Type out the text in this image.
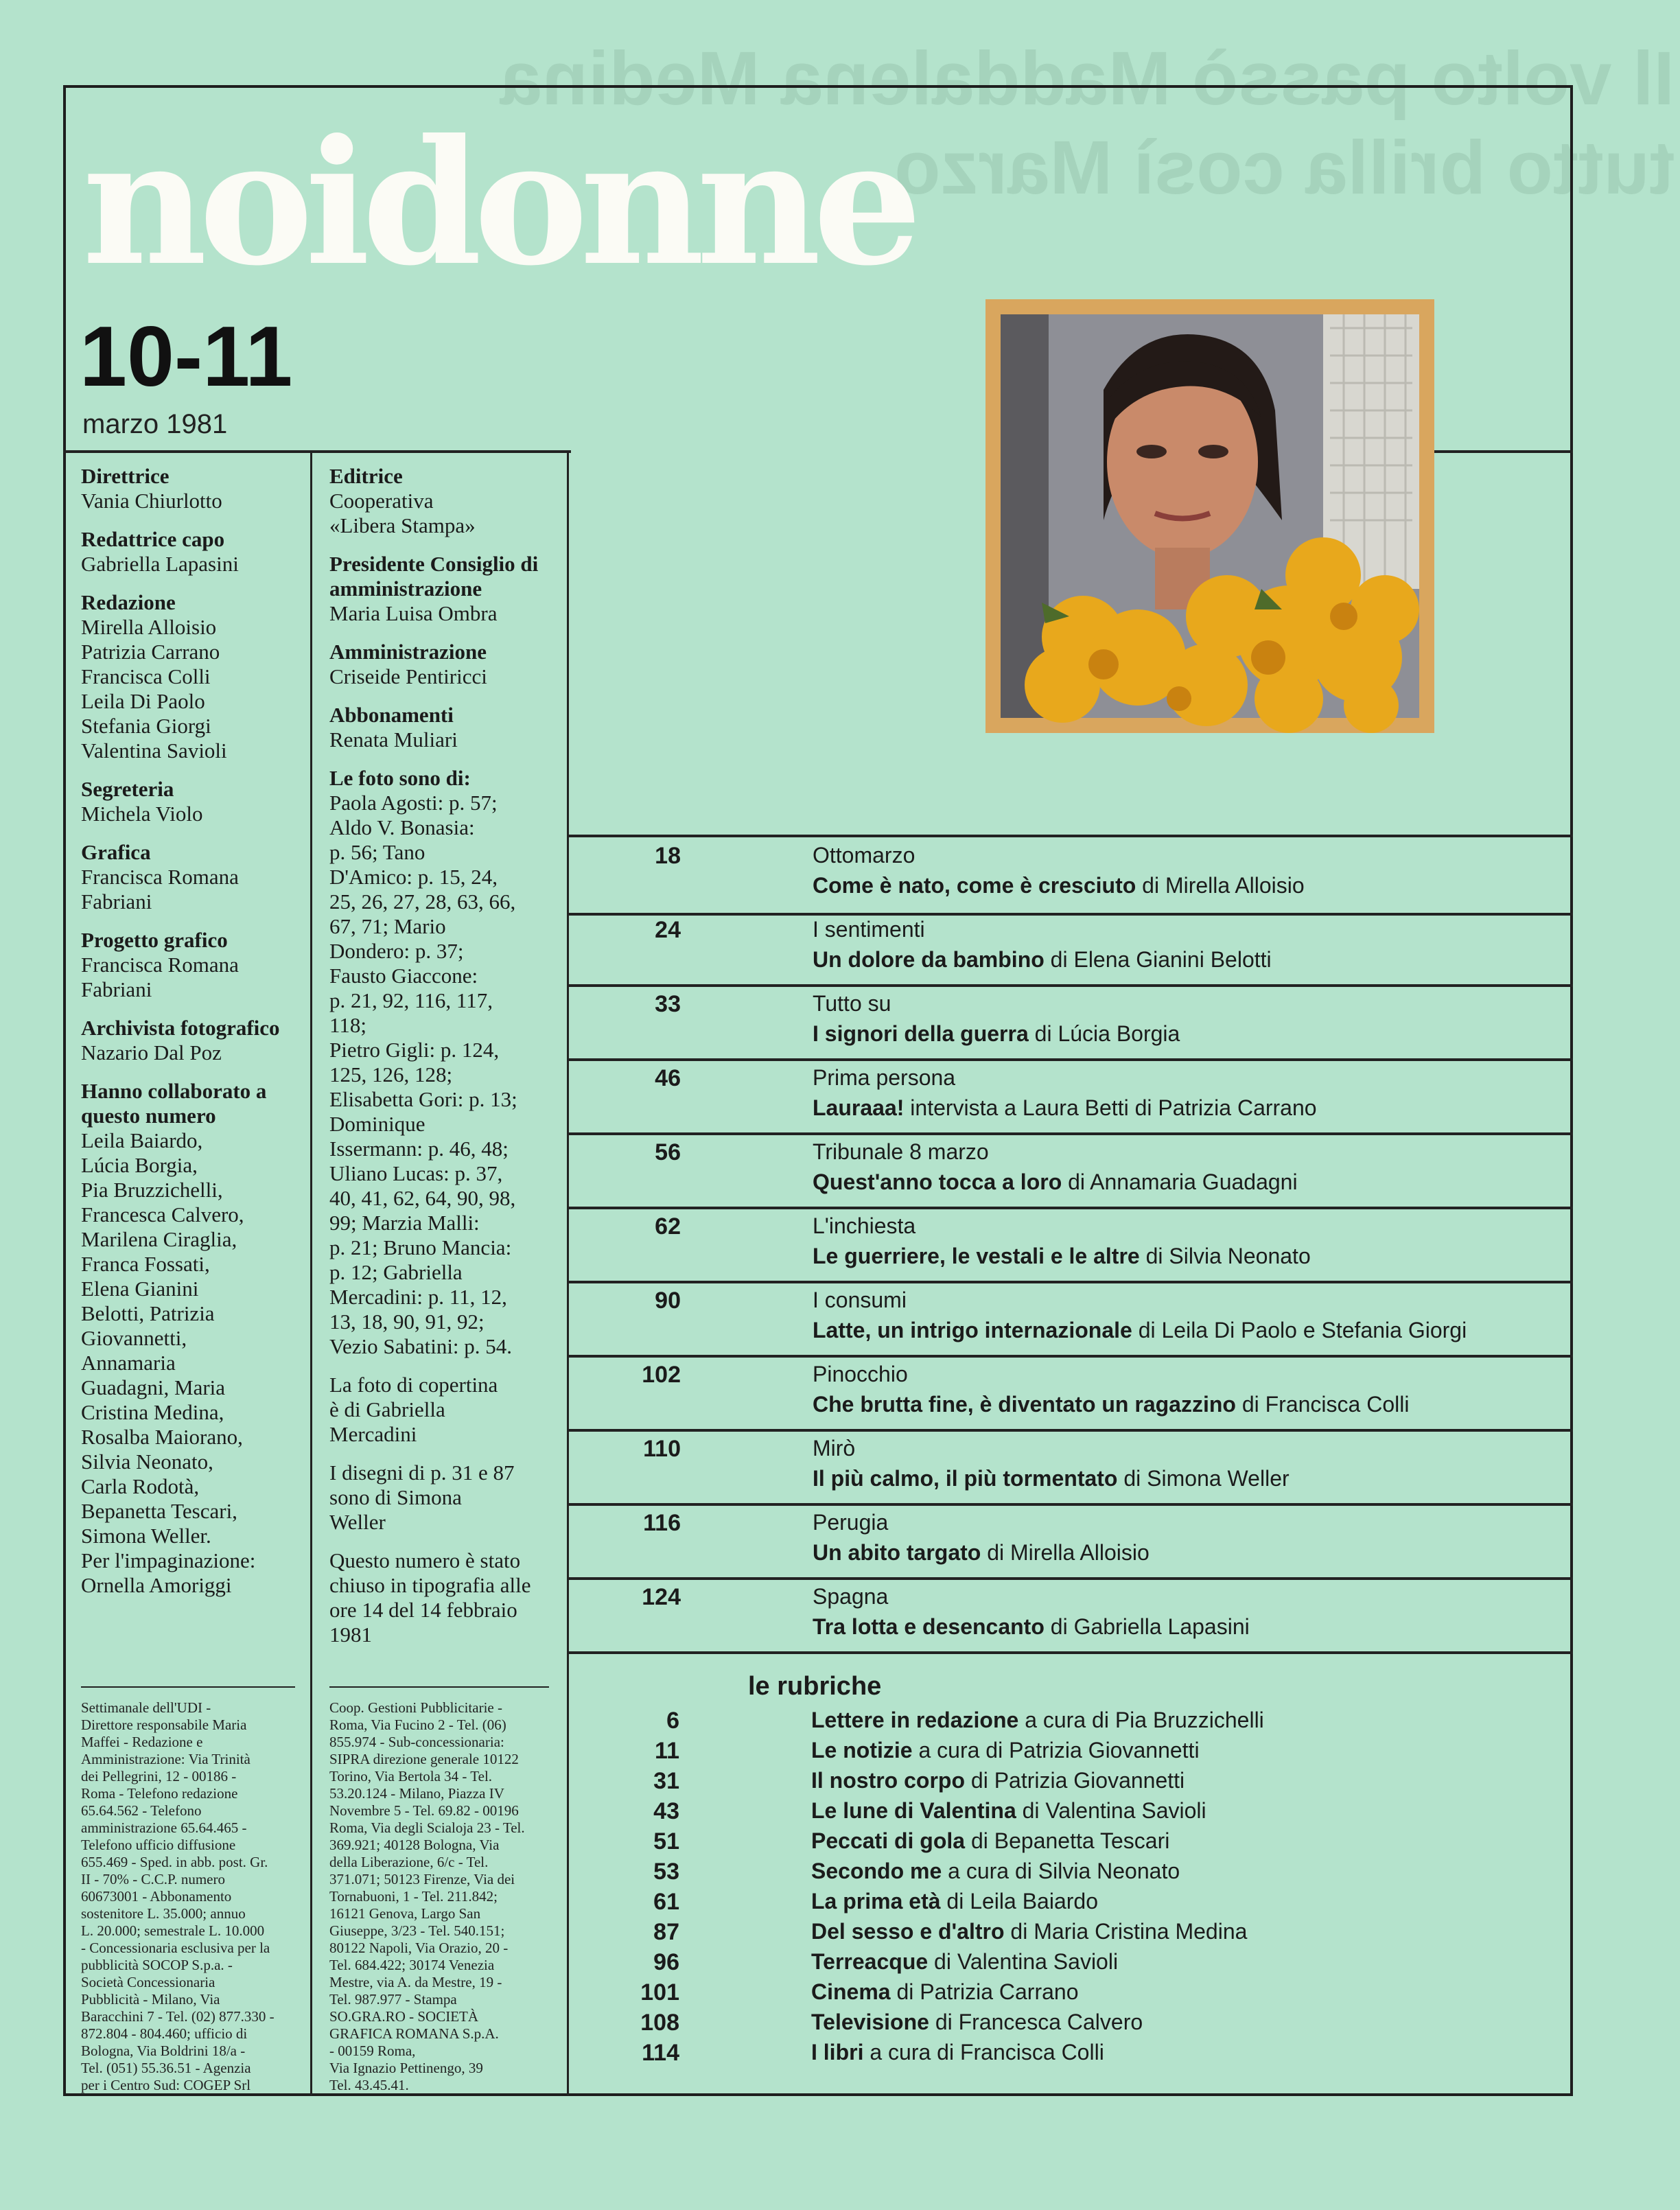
Il volto passò Maddalena Medina
tutto brilla così Marzo
noidonne
10-11
marzo 1981
Direttrice
Vania Chiurlotto
Redattrice capo
Gabriella Lapasini
Redazione
Mirella Alloisio
Patrizia Carrano
Francisca Colli
Leila Di Paolo
Stefania Giorgi
Valentina Savioli
Segreteria
Michela Violo
Grafica
Francisca Romana
Fabriani
Progetto grafico
Francisca Romana
Fabriani
Archivista fotografico
Nazario Dal Poz
Hanno collaborato a questo numero
Leila Baiardo,
Lúcia Borgia,
Pia Bruzzichelli,
Francesca Calvero,
Marilena Ciraglia,
Franca Fossati,
Elena Gianini
Belotti, Patrizia
Giovannetti,
Annamaria
Guadagni, Maria
Cristina Medina,
Rosalba Maiorano,
Silvia Neonato,
Carla Rodotà,
Bepanetta Tescari,
Simona Weller.
Per l'impaginazione:
Ornella Amoriggi
Settimanale dell'UDI -
Direttore responsabile Maria
Maffei - Redazione e
Amministrazione: Via Trinità
dei Pellegrini, 12 - 00186 -
Roma - Telefono redazione
65.64.562 - Telefono
amministrazione 65.64.465 -
Telefono ufficio diffusione
655.469 - Sped. in abb. post. Gr.
II - 70% - C.C.P. numero
60673001 - Abbonamento
sostenitore L. 35.000; annuo
L. 20.000; semestrale L. 10.000
- Concessionaria esclusiva per la
pubblicità SOCOP S.p.a. -
Società Concessionaria
Pubblicità - Milano, Via
Baracchini 7 - Tel. (02) 877.330 -
872.804 - 804.460; ufficio di
Bologna, Via Boldrini 18/a -
Tel. (051) 55.36.51 - Agenzia
per i Centro Sud: COGEP Srl
Editrice
Cooperativa
«Libera Stampa»
Presidente Consiglio di amministrazione
Maria Luisa Ombra
Amministrazione
Criseide Pentiricci
Abbonamenti
Renata Muliari
Le foto sono di:
Paola Agosti: p. 57;
Aldo V. Bonasia:
p. 56; Tano
D'Amico: p. 15, 24,
25, 26, 27, 28, 63, 66,
67, 71; Mario
Dondero: p. 37;
Fausto Giaccone:
p. 21, 92, 116, 117,
118;
Pietro Gigli: p. 124,
125, 126, 128;
Elisabetta Gori: p. 13;
Dominique
Issermann: p. 46, 48;
Uliano Lucas: p. 37,
40, 41, 62, 64, 90, 98,
99; Marzia Malli:
p. 21; Bruno Mancia:
p. 12; Gabriella
Mercadini: p. 11, 12,
13, 18, 90, 91, 92;
Vezio Sabatini: p. 54.
La foto di copertina
è di Gabriella
Mercadini
I disegni di p. 31 e 87
sono di Simona
Weller
Questo numero è stato
chiuso in tipografia alle
ore 14 del 14 febbraio
1981
Coop. Gestioni Pubblicitarie -
Roma, Via Fucino 2 - Tel. (06)
855.974 - Sub-concessionaria:
SIPRA direzione generale 10122
Torino, Via Bertola 34 - Tel.
53.20.124 - Milano, Piazza IV
Novembre 5 - Tel. 69.82 - 00196
Roma, Via degli Scialoja 23 - Tel.
369.921; 40128 Bologna, Via
della Liberazione, 6/c - Tel.
371.071; 50123 Firenze, Via dei
Tornabuoni, 1 - Tel. 211.842;
16121 Genova, Largo San
Giuseppe, 3/23 - Tel. 540.151;
80122 Napoli, Via Orazio, 20 -
Tel. 684.422; 30174 Venezia
Mestre, via A. da Mestre, 19 -
Tel. 987.977 - Stampa
SO.GRA.RO - SOCIETÀ
GRAFICA ROMANA S.p.A.
- 00159 Roma,
Via Ignazio Pettinengo, 39
Tel. 43.45.41.
18	Ottomarzo
Come è nato, come è cresciuto di Mirella Alloisio
24	I sentimenti
Un dolore da bambino di Elena Gianini Belotti
33	Tutto su
I signori della guerra di Lúcia Borgia
46	Prima persona
Lauraaa! intervista a Laura Betti di Patrizia Carrano
56	Tribunale 8 marzo
Quest'anno tocca a loro di Annamaria Guadagni
62	L'inchiesta
Le guerriere, le vestali e le altre di Silvia Neonato
90	I consumi
Latte, un intrigo internazionale di Leila Di Paolo e Stefania Giorgi
102	Pinocchio
Che brutta fine, è diventato un ragazzino di Francisca Colli
110	Mirò
Il più calmo, il più tormentato di Simona Weller
116	Perugia
Un abito targato di Mirella Alloisio
124	Spagna
Tra lotta e desencanto di Gabriella Lapasini
le rubriche
6	Lettere in redazione a cura di Pia Bruzzichelli
11	Le notizie a cura di Patrizia Giovannetti
31	Il nostro corpo di Patrizia Giovannetti
43	Le lune di Valentina di Valentina Savioli
51	Peccati di gola di Bepanetta Tescari
53	Secondo me a cura di Silvia Neonato
61	La prima età di Leila Baiardo
87	Del sesso e d'altro di Maria Cristina Medina
96	Terreacque di Valentina Savioli
101	Cinema di Patrizia Carrano
108	Televisione di Francesca Calvero
114	I libri a cura di Francisca Colli
